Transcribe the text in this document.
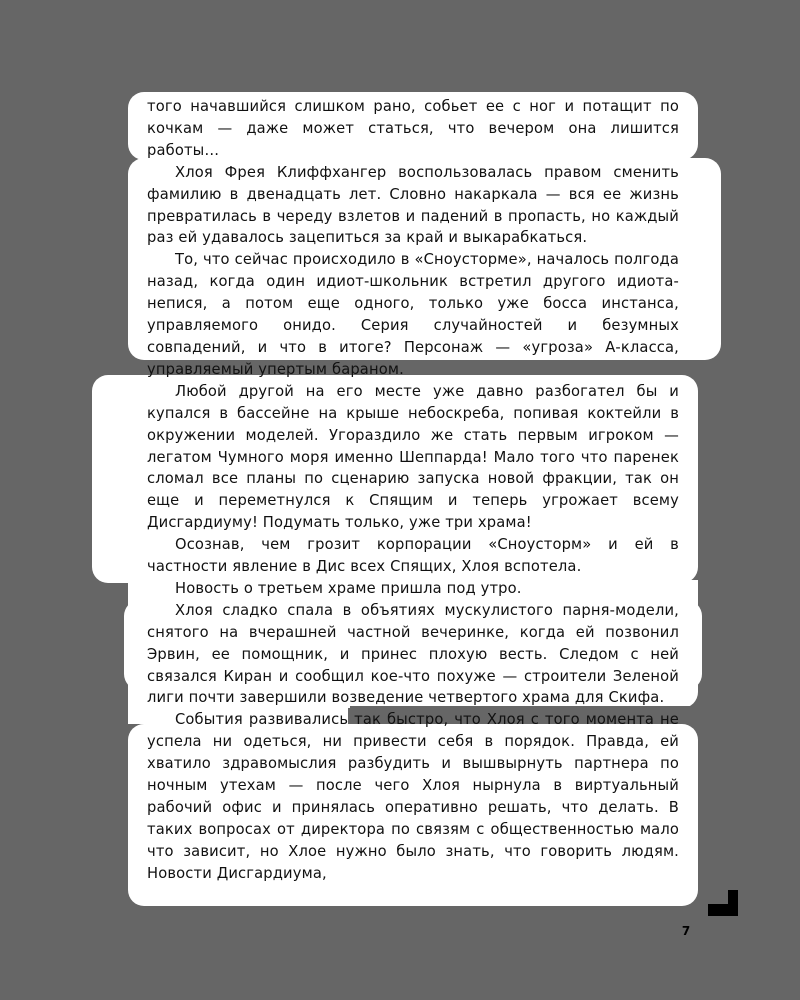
того начавшийся слишком рано, собьет ее с ног и потащит по кочкам — даже может статься, что вечером она лишится работы…

Хлоя Фрея Клиффхангер воспользовалась правом сменить фамилию в двенадцать лет. Словно накаркала — вся ее жизнь превратилась в череду взлетов и падений в пропасть, но каждый раз ей удавалось зацепиться за край и выкарабкаться.

То, что сейчас происходило в «Сноусторме», началось полгода назад, когда один идиот-школьник встретил другого идиота-непися, а потом еще одного, только уже босса инстанса, управляемого онидо. Серия случайностей и безумных совпадений, и что в итоге? Персонаж — «угроза» А-класса, управляемый упертым бараном.

Любой другой на его месте уже давно разбогател бы и купался в бассейне на крыше небоскреба, попивая коктейли в окружении моделей. Угораздило же стать первым игроком — легатом Чумного моря именно Шеппарда! Мало того что паренек сломал все планы по сценарию запуска новой фракции, так он еще и переметнулся к Спящим и теперь угрожает всему Дисгардиуму! Подумать только, уже три храма!

Осознав, чем грозит корпорации «Сноусторм» и ей в частности явление в Дис всех Спящих, Хлоя вспотела.

Новость о третьем храме пришла под утро.

Хлоя сладко спала в объятиях мускулистого парня-модели, снятого на вчерашней частной вечеринке, когда ей позвонил Эрвин, ее помощник, и принес плохую весть. Следом с ней связался Киран и сообщил кое-что похуже — строители Зеленой лиги почти завершили возведение четвертого храма для Скифа.

События развивались так быстро, что Хлоя с того момента не успела ни одеться, ни привести себя в порядок. Правда, ей хватило здравомыслия разбудить и вышвырнуть партнера по ночным утехам — после чего Хлоя нырнула в виртуальный рабочий офис и принялась оперативно решать, что делать. В таких вопросах от директора по связям с общественностью мало что зависит, но Хлое нужно было знать, что говорить людям. Новости Дисгардиума,

7
